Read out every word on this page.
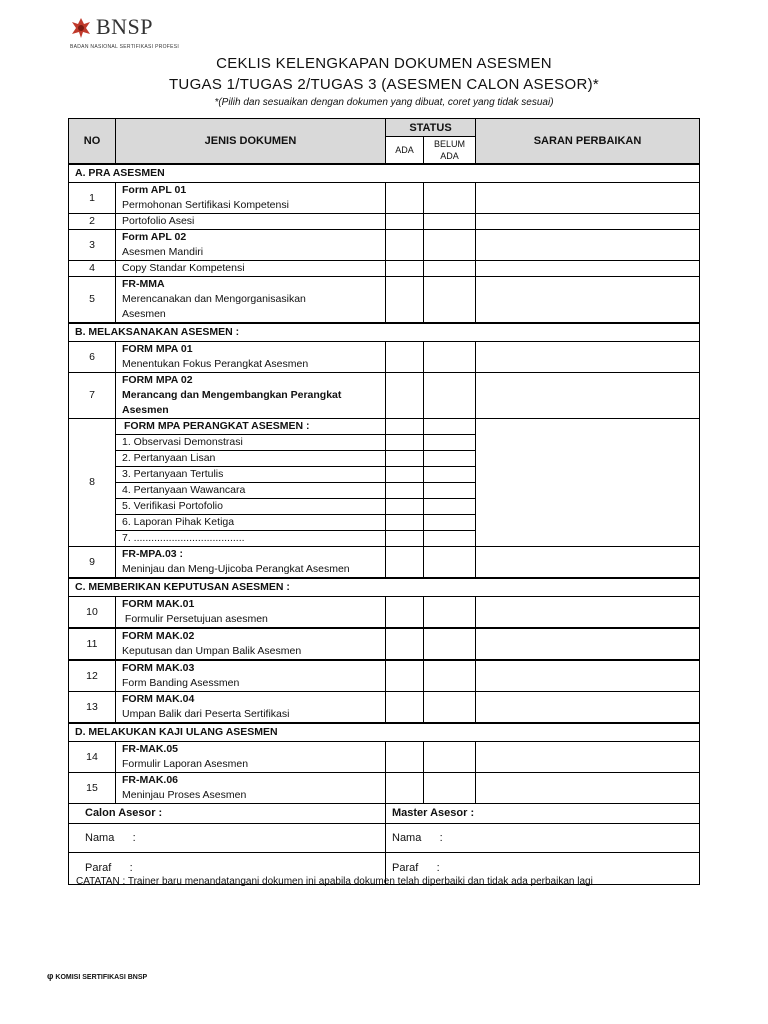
BNSP
BADAN NASIONAL SERTIFIKASI PROFESI
CEKLIS KELENGKAPAN DOKUMEN ASESMEN
TUGAS 1/TUGAS 2/TUGAS 3 (ASESMEN CALON ASESOR)*
*(Pilih dan sesuaikan dengan dokumen yang dibuat, coret yang tidak sesuai)
NO	JENIS DOKUMEN	STATUS		SARAN PERBAIKAN
		ADA	BELUM ADA	
A. PRA ASESMEN				
1	Form APL 01
Permohonan Sertifikasi Kompetensi			

2	Portofolio Asesi			

3	Form APL 02
Asesmen Mandiri			

4	Copy Standar Kompetensi			

5	FR-MMA
Merencanakan dan Mengorganisasikan
Asesmen			

B. MELAKSANAKAN ASESMEN :				
6	FORM MPA 01
Menentukan Fokus Perangkat Asesmen			

7	FORM MPA 02
Merancang dan Mengembangkan Perangkat
Asesmen			

8	FORM MPA PERANGKAT ASESMEN :			

	1. Observasi Demonstrasi			

	2. Pertanyaan Lisan			

	3. Pertanyaan Tertulis			

	4. Pertanyaan Wawancara			

	5. Verifikasi Portofolio			

	6. Laporan Pihak Ketiga			

	7. ......................................			

9	FR-MPA.03 :
Meninjau dan Meng-Ujicoba Perangkat Asesmen			

C. MEMBERIKAN KEPUTUSAN ASESMEN :				
10	FORM MAK.01
Formulir Persetujuan asesmen			

11	FORM MAK.02
Keputusan dan Umpan Balik Asesmen			

12	FORM MAK.03
Form Banding Asessmen			

13	FORM MAK.04
Umpan Balik dari Peserta Sertifikasi			

D. MELAKUKAN KAJI ULANG ASESMEN				
14	FR-MAK.05
Formulir Laporan Asesmen			

15	FR-MAK.06
Meninjau Proses Asesmen			

Calon Asesor :		Master Asesor :		
Nama      :		Nama      :		
Paraf      :		Paraf      :		
CATATAN : Trainer baru menandatangani dokumen ini apabila dokumen telah diperbaiki dan tidak ada perbaikan lagi
φ KOMISI SERTIFIKASI BNSP
